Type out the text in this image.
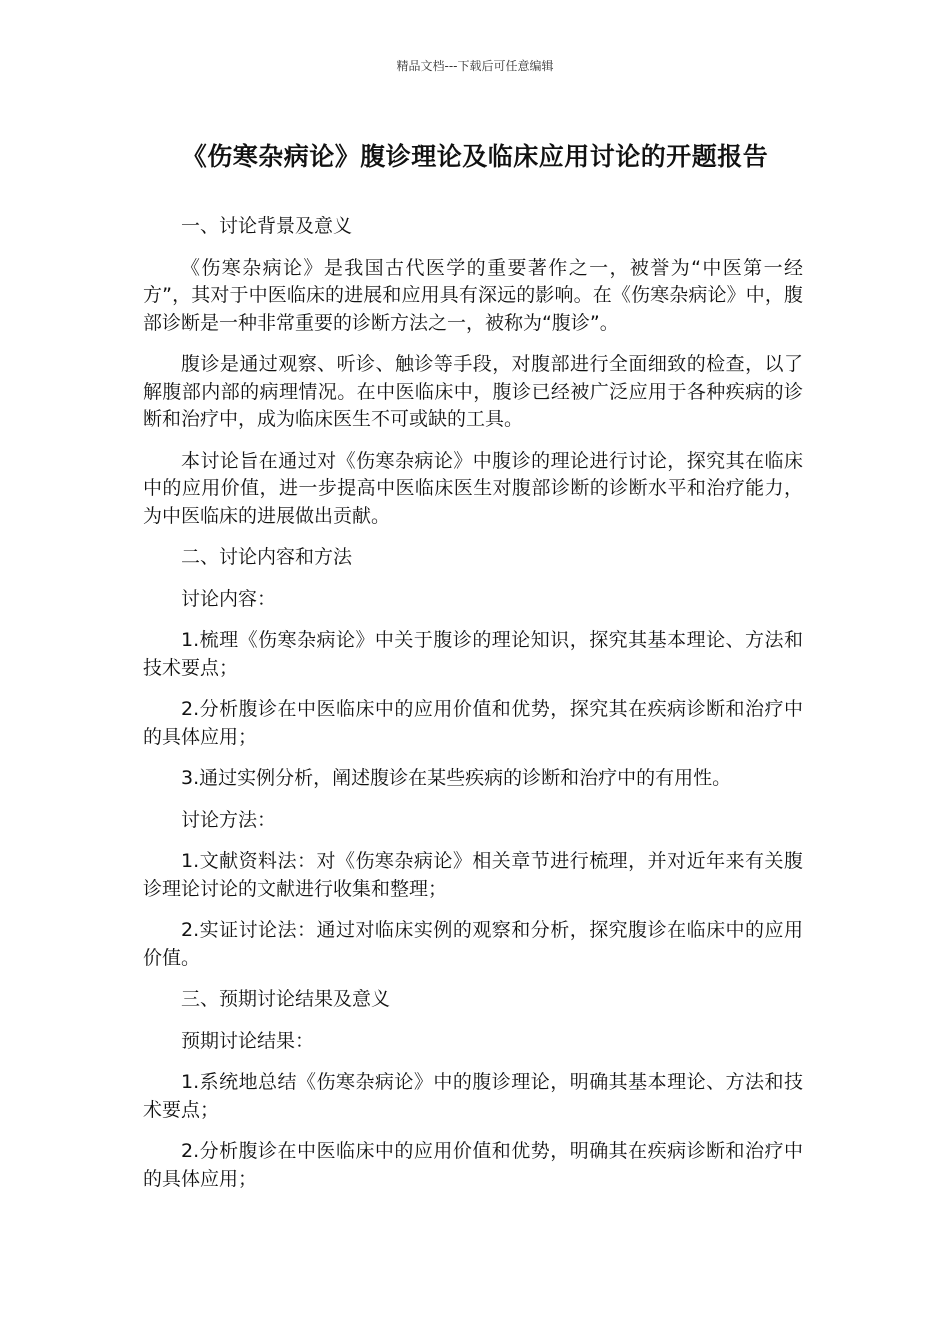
精品文档---下载后可任意编辑
《伤寒杂病论》腹诊理论及临床应用讨论的开题报告

一、讨论背景及意义

《伤寒杂病论》是我国古代医学的重要著作之一，被誉为“中医第一经方”，其对于中医临床的进展和应用具有深远的影响。在《伤寒杂病论》中，腹部诊断是一种非常重要的诊断方法之一，被称为“腹诊”。

腹诊是通过观察、听诊、触诊等手段，对腹部进行全面细致的检查，以了解腹部内部的病理情况。在中医临床中，腹诊已经被广泛应用于各种疾病的诊断和治疗中，成为临床医生不可或缺的工具。

本讨论旨在通过对《伤寒杂病论》中腹诊的理论进行讨论，探究其在临床中的应用价值，进一步提高中医临床医生对腹部诊断的诊断水平和治疗能力，为中医临床的进展做出贡献。

二、讨论内容和方法

讨论内容：

1.梳理《伤寒杂病论》中关于腹诊的理论知识，探究其基本理论、方法和技术要点；

2.分析腹诊在中医临床中的应用价值和优势，探究其在疾病诊断和治疗中的具体应用；

3.通过实例分析，阐述腹诊在某些疾病的诊断和治疗中的有用性。

讨论方法：

1.文献资料法：对《伤寒杂病论》相关章节进行梳理，并对近年来有关腹诊理论讨论的文献进行收集和整理；

2.实证讨论法：通过对临床实例的观察和分析，探究腹诊在临床中的应用价值。

三、预期讨论结果及意义

预期讨论结果：

1.系统地总结《伤寒杂病论》中的腹诊理论，明确其基本理论、方法和技术要点；

2.分析腹诊在中医临床中的应用价值和优势，明确其在疾病诊断和治疗中的具体应用；
